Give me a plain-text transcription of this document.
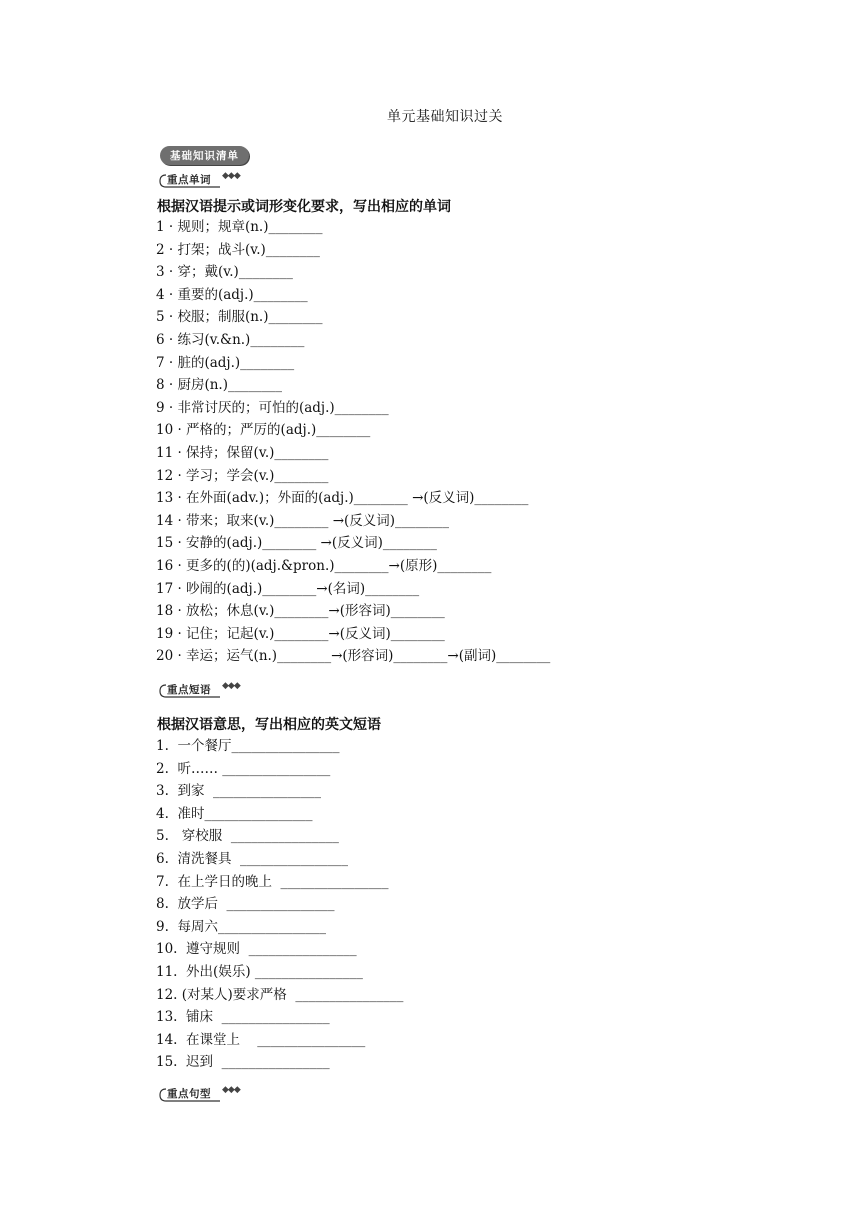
单元基础知识过关
基础知识清单
重点单词 ◆◆◆
根据汉语提示或词形变化要求，写出相应的单词
1 · 规则；规章(n.)________
2 · 打架；战斗(v.)________
3 · 穿；戴(v.)________
4 · 重要的(adj.)________
5 · 校服；制服(n.)________
6 · 练习(v.&n.)________
7 · 脏的(adj.)________
8 · 厨房(n.)________
9 · 非常讨厌的；可怕的(adj.)________
10 · 严格的；严厉的(adj.)________
11 · 保持；保留(v.)________
12 · 学习；学会(v.)________
13 · 在外面(adv.)；外面的(adj.)________ →(反义词)________
14 · 带来；取来(v.)________ →(反义词)________
15 · 安静的(adj.)________ →(反义词)________
16 · 更多的(的)(adj.&pron.)________→(原形)________
17 · 吵闹的(adj.)________→(名词)________
18 · 放松；休息(v.)________→(形容词)________
19 · 记住；记起(v.)________→(反义词)________
20 · 幸运；运气(n.)________→(形容词)________→(副词)________
重点短语 ◆◆◆
根据汉语意思，写出相应的英文短语
1.  一个餐厅________________
2.  听…… ________________
3.  到家  ________________
4.  准时________________
5.   穿校服  ________________
6.  清洗餐具  ________________
7.  在上学日的晚上  ________________
8.  放学后  ________________
9.  每周六________________
10.  遵守规则  ________________
11.  外出(娱乐) ________________
12. (对某人)要求严格  ________________
13.  铺床  ________________
14.  在课堂上    ________________
15.  迟到  ________________
重点句型 ◆◆◆
